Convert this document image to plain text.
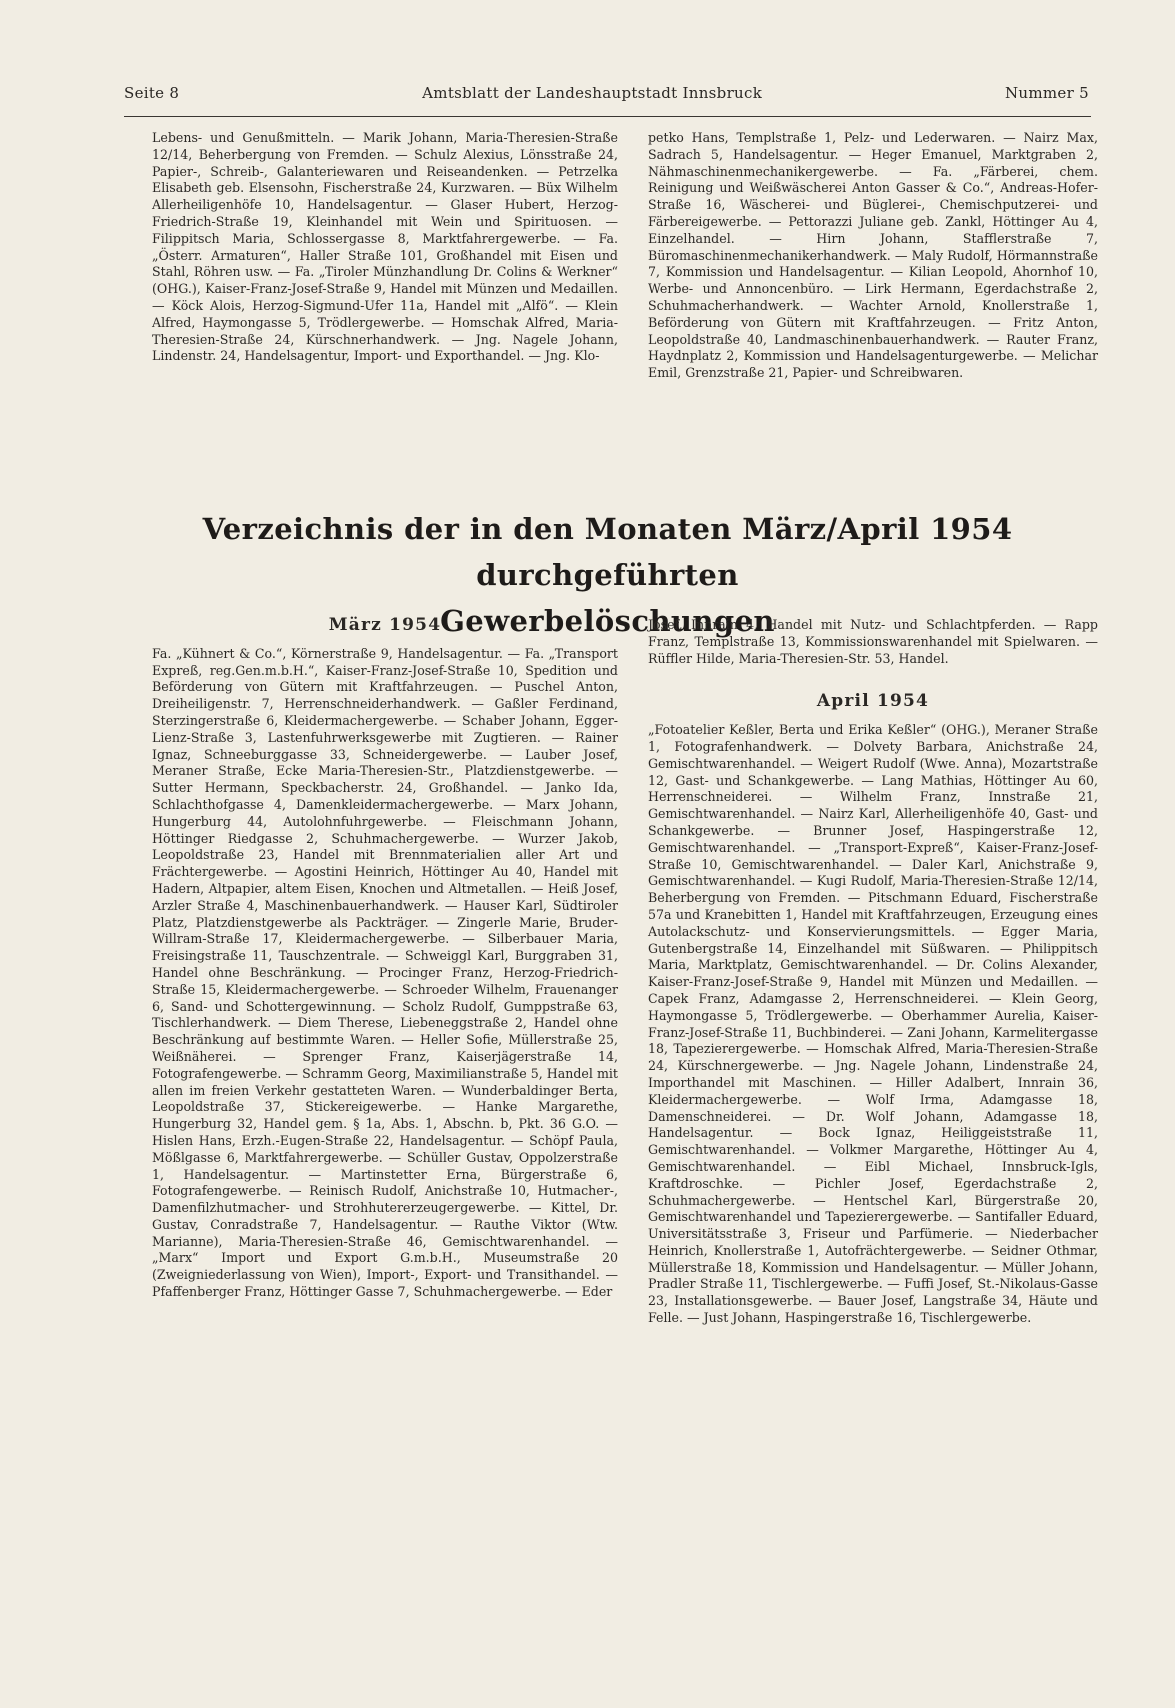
Seite 8	Amtsblatt der Landeshauptstadt Innsbruck	Nummer 5

Lebens- und Genußmitteln. — Marik Johann, Maria-Theresien-Straße 12/14, Beherbergung von Fremden. — Schulz Alexius, Lönsstraße 24, Papier-, Schreib-, Galanteriewaren und Reiseandenken. — Petrzelka Elisabeth geb. Elsensohn, Fischerstraße 24, Kurzwaren. — Büx Wilhelm Allerheiligenhöfe 10, Handelsagentur. — Glaser Hubert, Herzog-Friedrich-Straße 19, Kleinhandel mit Wein und Spirituosen. — Filippitsch Maria, Schlossergasse 8, Marktfahrergewerbe. — Fa. „Österr. Armaturen“, Haller Straße 101, Großhandel mit Eisen und Stahl, Röhren usw. — Fa. „Tiroler Münzhandlung Dr. Colins & Werkner“ (OHG.), Kaiser-Franz-Josef-Straße 9, Handel mit Münzen und Medaillen. — Köck Alois, Herzog-Sigmund-Ufer 11a, Handel mit „Alfö“. — Klein Alfred, Haymongasse 5, Trödlergewerbe. — Homschak Alfred, Maria-Theresien-Straße 24, Kürschnerhandwerk. — Jng. Nagele Johann, Lindenstr. 24, Handelsagentur, Import- und Exporthandel. — Jng. Klo-

petko Hans, Templstraße 1, Pelz- und Lederwaren. — Nairz Max, Sadrach 5, Handelsagentur. — Heger Emanuel, Marktgraben 2, Nähmaschinenmechanikergewerbe. — Fa. „Färberei, chem. Reinigung und Weißwäscherei Anton Gasser & Co.“, Andreas-Hofer-Straße 16, Wäscherei- und Büglerei-, Chemischputzerei- und Färbereigewerbe. — Pettorazzi Juliane geb. Zankl, Höttinger Au 4, Einzelhandel. — Hirn Johann, Stafflerstraße 7, Büromaschinenmechanikerhandwerk. — Maly Rudolf, Hörmannstraße 7, Kommission und Handelsagentur. — Kilian Leopold, Ahornhof 10, Werbe- und Annoncenbüro. — Lirk Hermann, Egerdachstraße 2, Schuhmacherhandwerk. — Wachter Arnold, Knollerstraße 1, Beförderung von Gütern mit Kraftfahrzeugen. — Fritz Anton, Leopoldstraße 40, Landmaschinenbauerhandwerk. — Rauter Franz, Haydnplatz 2, Kommission und Handelsagenturgewerbe. — Melichar Emil, Grenzstraße 21, Papier- und Schreibwaren.

Verzeichnis der in den Monaten März/April 1954 durchgeführten
Gewerbelöschungen
März 1954

Fa. „Kühnert & Co.“, Körnerstraße 9, Handelsagentur. — Fa. „Transport Expreß, reg.Gen.m.b.H.“, Kaiser-Franz-Josef-Straße 10, Spedition und Beförderung von Gütern mit Kraftfahrzeugen. — Puschel Anton, Dreiheiligenstr. 7, Herrenschneiderhandwerk. — Gaßler Ferdinand, Sterzingerstraße 6, Kleidermachergewerbe. — Schaber Johann, Egger-Lienz-Straße 3, Lastenfuhrwerksgewerbe mit Zugtieren. — Rainer Ignaz, Schneeburggasse 33, Schneidergewerbe. — Lauber Josef, Meraner Straße, Ecke Maria-Theresien-Str., Platzdienstgewerbe. — Sutter Hermann, Speckbacherstr. 24, Großhandel. — Janko Ida, Schlachthofgasse 4, Damenkleidermachergewerbe. — Marx Johann, Hungerburg 44, Autolohnfuhrgewerbe. — Fleischmann Johann, Höttinger Riedgasse 2, Schuhmachergewerbe. — Wurzer Jakob, Leopoldstraße 23, Handel mit Brennmaterialien aller Art und Frächtergewerbe. — Agostini Heinrich, Höttinger Au 40, Handel mit Hadern, Altpapier, altem Eisen, Knochen und Altmetallen. — Heiß Josef, Arzler Straße 4, Maschinenbauerhandwerk. — Hauser Karl, Südtiroler Platz, Platzdienstgewerbe als Packträger. — Zingerle Marie, Bruder-Willram-Straße 17, Kleidermachergewerbe. — Silberbauer Maria, Freisingstraße 11, Tauschzentrale. — Schweiggl Karl, Burggraben 31, Handel ohne Beschränkung. — Procinger Franz, Herzog-Friedrich-Straße 15, Kleidermachergewerbe. — Schroeder Wilhelm, Frauenanger 6, Sand- und Schottergewinnung. — Scholz Rudolf, Gumppstraße 63, Tischlerhandwerk. — Diem Therese, Liebeneggstraße 2, Handel ohne Beschränkung auf bestimmte Waren. — Heller Sofie, Müllerstraße 25, Weißnäherei. — Sprenger Franz, Kaiserjägerstraße 14, Fotografengewerbe. — Schramm Georg, Maximilianstraße 5, Handel mit allen im freien Verkehr gestatteten Waren. — Wunderbaldinger Berta, Leopoldstraße 37, Stickereigewerbe. — Hanke Margarethe, Hungerburg 32, Handel gem. § 1a, Abs. 1, Abschn. b, Pkt. 36 G.O. — Hislen Hans, Erzh.-Eugen-Straße 22, Handelsagentur. — Schöpf Paula, Mößlgasse 6, Marktfahrergewerbe. — Schüller Gustav, Oppolzerstraße 1, Handelsagentur. — Martinstetter Erna, Bürgerstraße 6, Fotografengewerbe. — Reinisch Rudolf, Anichstraße 10, Hutmacher-, Damenfilzhutmacher- und Strohhutererzeugergewerbe. — Kittel, Dr. Gustav, Conradstraße 7, Handelsagentur. — Rauthe Viktor (Wtw. Marianne), Maria-Theresien-Straße 46, Gemischtwarenhandel. — „Marx“ Import und Export G.m.b.H., Museumstraße 20 (Zweigniederlassung von Wien), Import-, Export- und Transithandel. — Pfaffenberger Franz, Höttinger Gasse 7, Schuhmachergewerbe. — Eder

Josef, Innrain 4, Handel mit Nutz- und Schlachtpferden. — Rapp Franz, Templstraße 13, Kommissionswarenhandel mit Spielwaren. — Rüffler Hilde, Maria-Theresien-Str. 53, Handel.

April 1954

„Fotoatelier Keßler, Berta und Erika Keßler“ (OHG.), Meraner Straße 1, Fotografenhandwerk. — Dolvety Barbara, Anichstraße 24, Gemischtwarenhandel. — Weigert Rudolf (Wwe. Anna), Mozartstraße 12, Gast- und Schankgewerbe. — Lang Mathias, Höttinger Au 60, Herrenschneiderei. — Wilhelm Franz, Innstraße 21, Gemischtwarenhandel. — Nairz Karl, Allerheiligenhöfe 40, Gast- und Schankgewerbe. — Brunner Josef, Haspingerstraße 12, Gemischtwarenhandel. — „Transport-Expreß“, Kaiser-Franz-Josef-Straße 10, Gemischtwarenhandel. — Daler Karl, Anichstraße 9, Gemischtwarenhandel. — Kugi Rudolf, Maria-Theresien-Straße 12/14, Beherbergung von Fremden. — Pitschmann Eduard, Fischerstraße 57a und Kranebitten 1, Handel mit Kraftfahrzeugen, Erzeugung eines Autolackschutz- und Konservierungsmittels. — Egger Maria, Gutenbergstraße 14, Einzelhandel mit Süßwaren. — Philippitsch Maria, Marktplatz, Gemischtwarenhandel. — Dr. Colins Alexander, Kaiser-Franz-Josef-Straße 9, Handel mit Münzen und Medaillen. — Capek Franz, Adamgasse 2, Herrenschneiderei. — Klein Georg, Haymongasse 5, Trödlergewerbe. — Oberhammer Aurelia, Kaiser-Franz-Josef-Straße 11, Buchbinderei. — Zani Johann, Karmelitergasse 18, Tapezierergewerbe. — Homschak Alfred, Maria-Theresien-Straße 24, Kürschnergewerbe. — Jng. Nagele Johann, Lindenstraße 24, Importhandel mit Maschinen. — Hiller Adalbert, Innrain 36, Kleidermachergewerbe. — Wolf Irma, Adamgasse 18, Damenschneiderei. — Dr. Wolf Johann, Adamgasse 18, Handelsagentur. — Bock Ignaz, Heiliggeiststraße 11, Gemischtwarenhandel. — Volkmer Margarethe, Höttinger Au 4, Gemischtwarenhandel. — Eibl Michael, Innsbruck-Igls, Kraftdroschke. — Pichler Josef, Egerdachstraße 2, Schuhmachergewerbe. — Hentschel Karl, Bürgerstraße 20, Gemischtwarenhandel und Tapezierergewerbe. — Santifaller Eduard, Universitätsstraße 3, Friseur und Parfümerie. — Niederbacher Heinrich, Knollerstraße 1, Autofrächtergewerbe. — Seidner Othmar, Müllerstraße 18, Kommission und Handelsagentur. — Müller Johann, Pradler Straße 11, Tischlergewerbe. — Fuffi Josef, St.-Nikolaus-Gasse 23, Installationsgewerbe. — Bauer Josef, Langstraße 34, Häute und Felle. — Just Johann, Haspingerstraße 16, Tischlergewerbe.
